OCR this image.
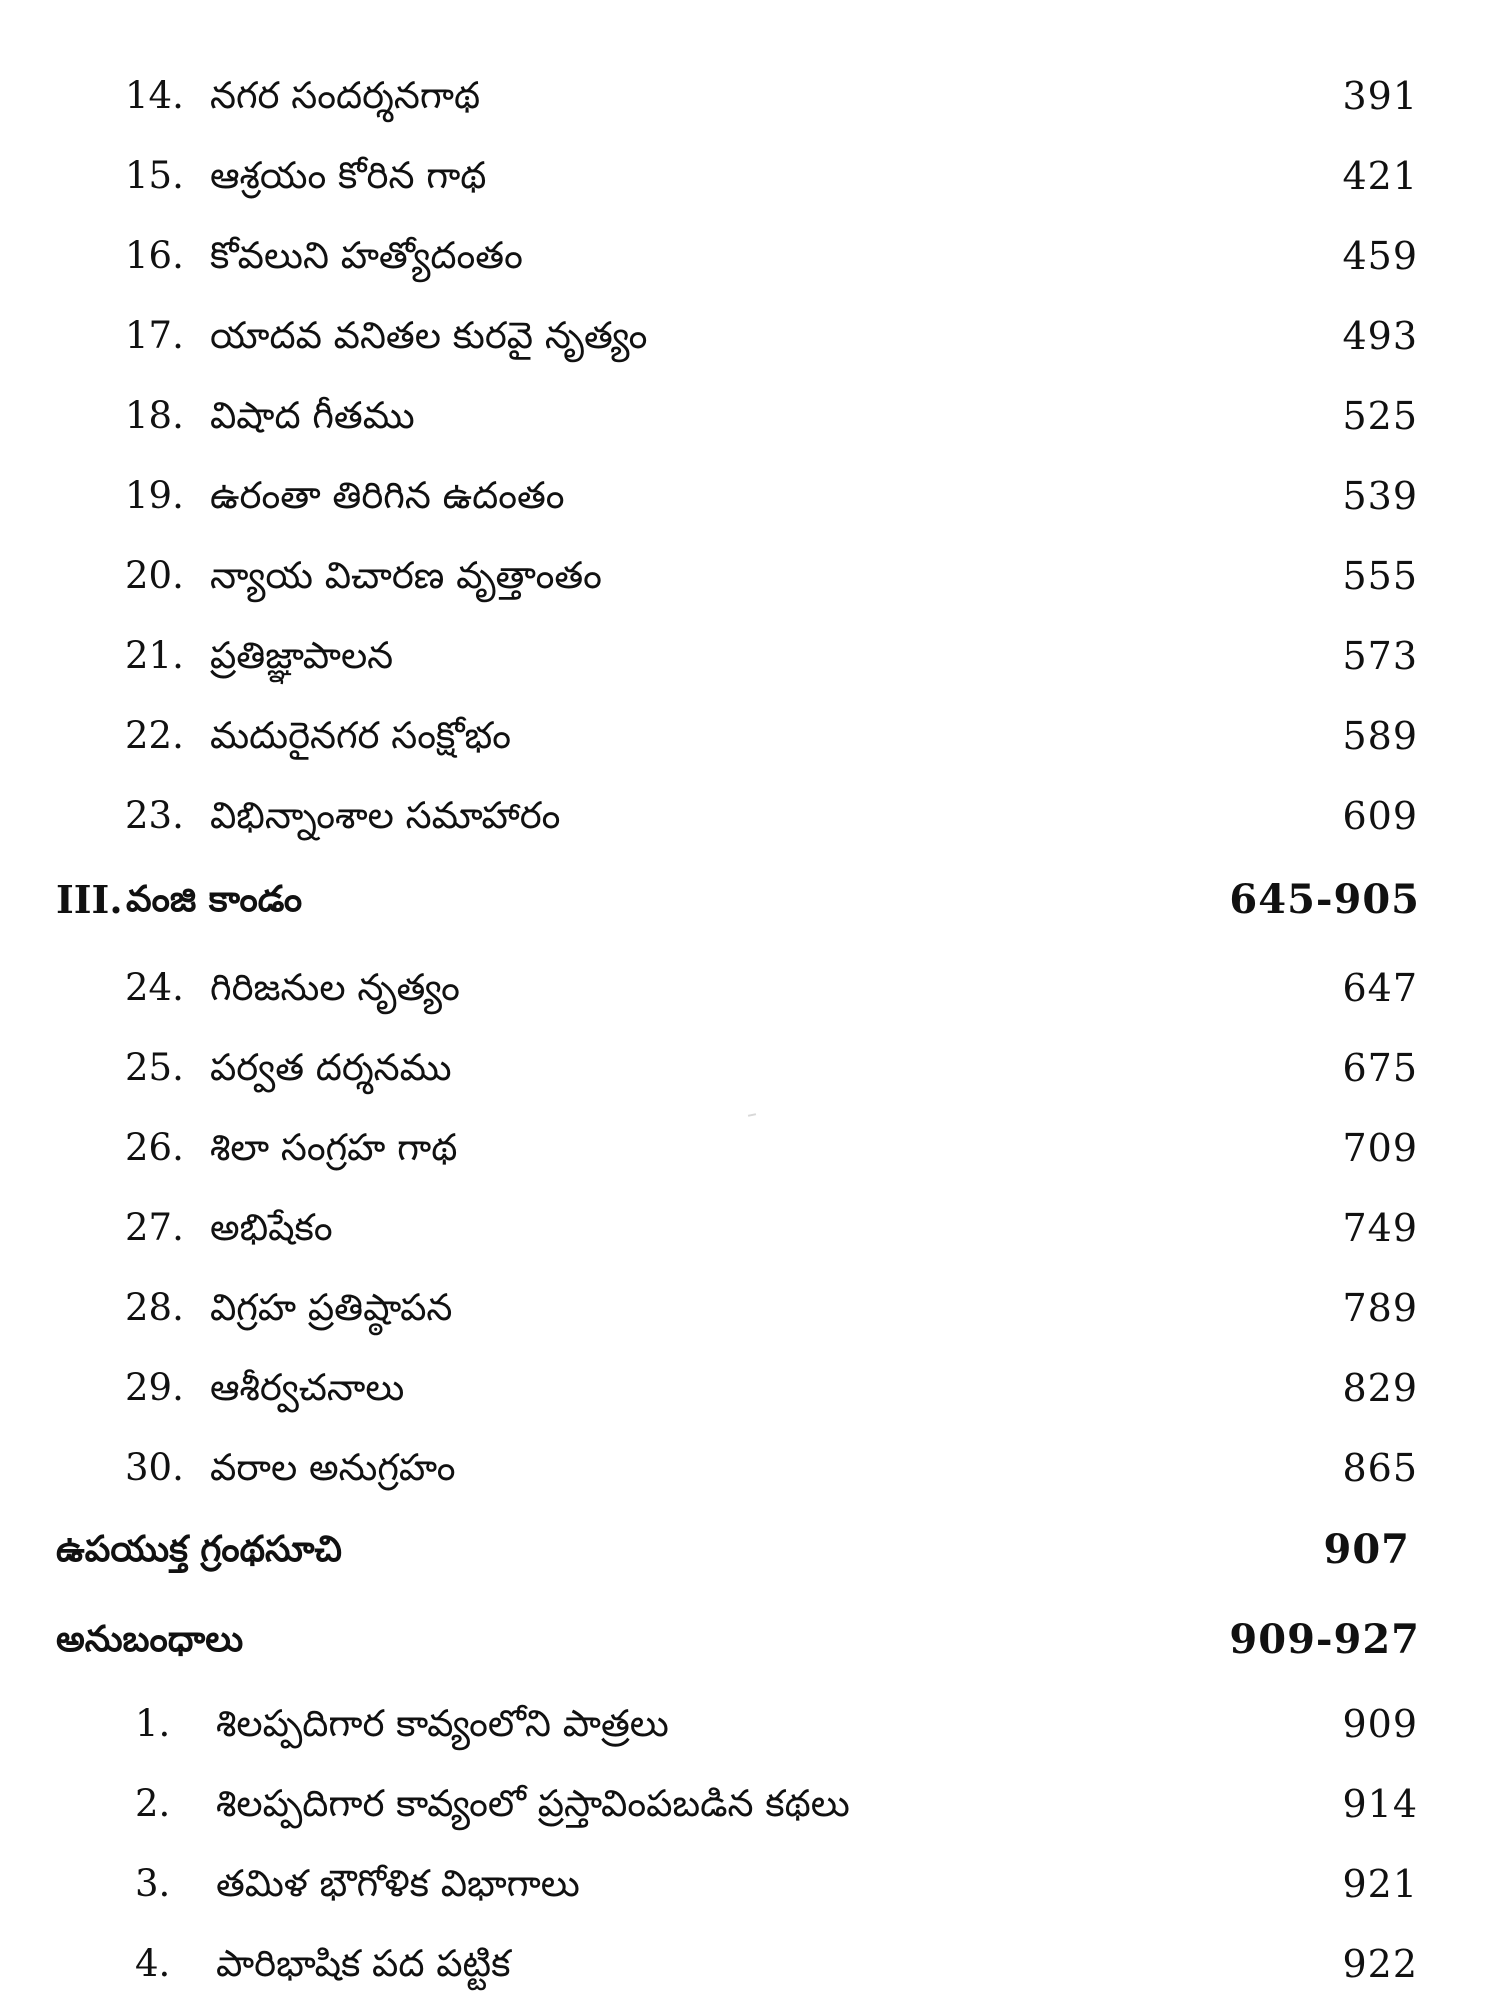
14. నగర సందర్శనగాథ	391
15. ఆశ్రయం కోరిన గాథ	421
16. కోవలుని హత్యోదంతం	459
17. యాదవ వనితల కురవై నృత్యం	493
18. విషాద గీతము	525
19. ఉరంతా తిరిగిన ఉదంతం	539
20. న్యాయ విచారణ వృత్తాంతం	555
21. ప్రతిజ్ఞాపాలన	573
22. మదురైనగర సంక్షోభం	589
23. విభిన్నాంశాల సమాహారం	609
III. వంజి కాండం	645-905
24. గిరిజనుల నృత్యం	647
25. పర్వత దర్శనము	675
26. శిలా సంగ్రహ గాథ	709
27. అభిషేకం	749
28. విగ్రహ ప్రతిష్ఠాపన	789
29. ఆశీర్వచనాలు	829
30. వరాల అనుగ్రహం	865
ఉపయుక్త గ్రంథసూచి	907
అనుబంధాలు	909-927
1. శిలప్పదిగార కావ్యంలోని పాత్రలు	909
2. శిలప్పదిగార కావ్యంలో ప్రస్తావింపబడిన కథలు	914
3. తమిళ భౌగోళిక విభాగాలు	921
4. పారిభాషిక పద పట్టిక	922
